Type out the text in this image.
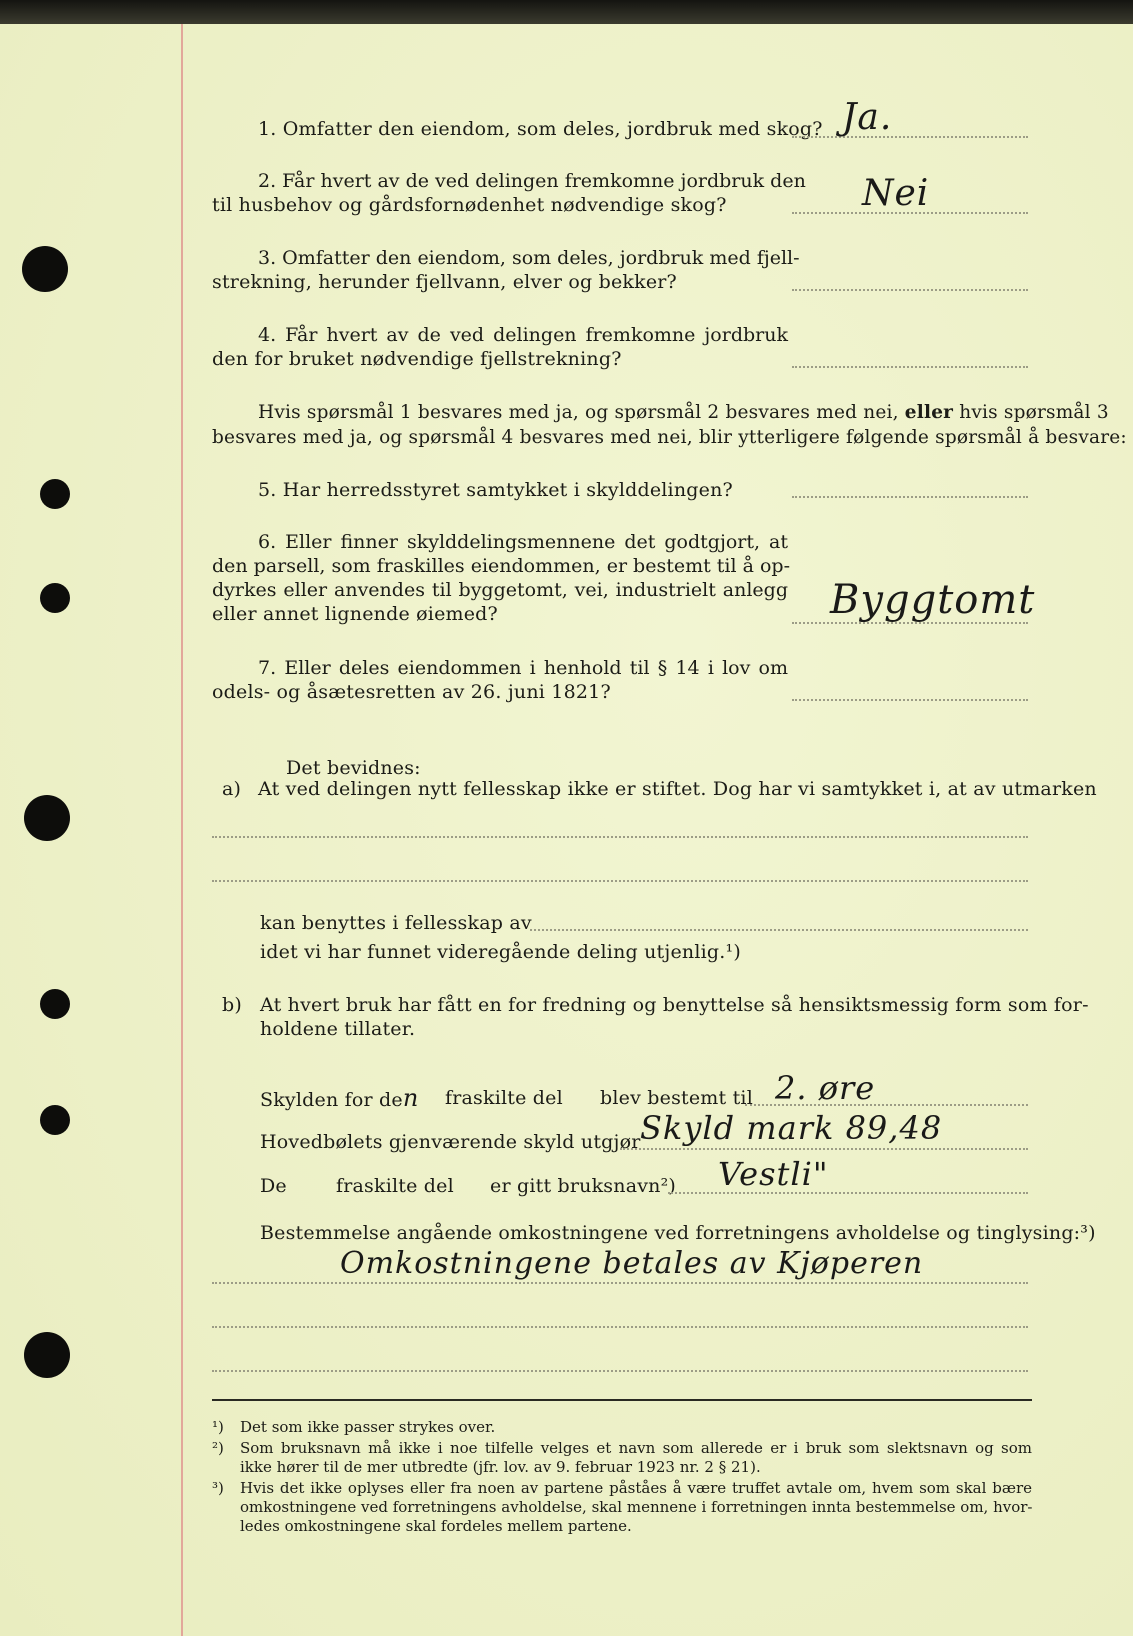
1. Omfatter den eiendom, som deles, jordbruk med skog? Ja.
2. Får hvert av de ved delingen fremkomne jordbruk den
til husbehov og gårdsfornødenhet nødvendige skog?	Nei
3. Omfatter den eiendom, som deles, jordbruk med fjell-
strekning, herunder fjellvann, elver og bekker?
4. Får hvert av de ved delingen fremkomne jordbruk
den for bruket nødvendige fjellstrekning?
Hvis spørsmål 1 besvares med ja, og spørsmål 2 besvares med nei, eller hvis spørsmål 3
besvares med ja, og spørsmål 4 besvares med nei, blir ytterligere følgende spørsmål å besvare:
5. Har herredsstyret samtykket i skylddelingen?
6. Eller finner skylddelingsmennene det godtgjort, at
den parsell, som fraskilles eiendommen, er bestemt til å op-
dyrkes eller anvendes til byggetomt, vei, industrielt anlegg
eller annet lignende øiemed?	Byggtomt
7. Eller deles eiendommen i henhold til § 14 i lov om
odels- og åsætesretten av 26. juni 1821?
Det bevidnes:
a) At ved delingen nytt fellesskap ikke er stiftet. Dog har vi samtykket i, at av utmarken
kan benyttes i fellesskap av
idet vi har funnet videregående deling utjenlig.¹)
b) At hvert bruk har fått en for fredning og benyttelse så hensiktsmessig form som for-
holdene tillater.
Skylden for den fraskilte del blev bestemt til 2. øre
Hovedbølets gjenværende skyld utgjør Skyld mark 89,48
De	fraskilte del er gitt bruksnavn²) Vestli"
Bestemmelse angående omkostningene ved forretningens avholdelse og tinglysing:³)
Omkostningene betales av Kjøperen
¹) Det som ikke passer strykes over.
²) Som bruksnavn må ikke i noe tilfelle velges et navn som allerede er i bruk som slektsnavn og som
ikke hører til de mer utbredte (jfr. lov. av 9. februar 1923 nr. 2 § 21).
³) Hvis det ikke oplyses eller fra noen av partene påståes å være truffet avtale om, hvem som skal bære
omkostningene ved forretningens avholdelse, skal mennene i forretningen innta bestemmelse om, hvor-
ledes omkostningene skal fordeles mellem partene.
